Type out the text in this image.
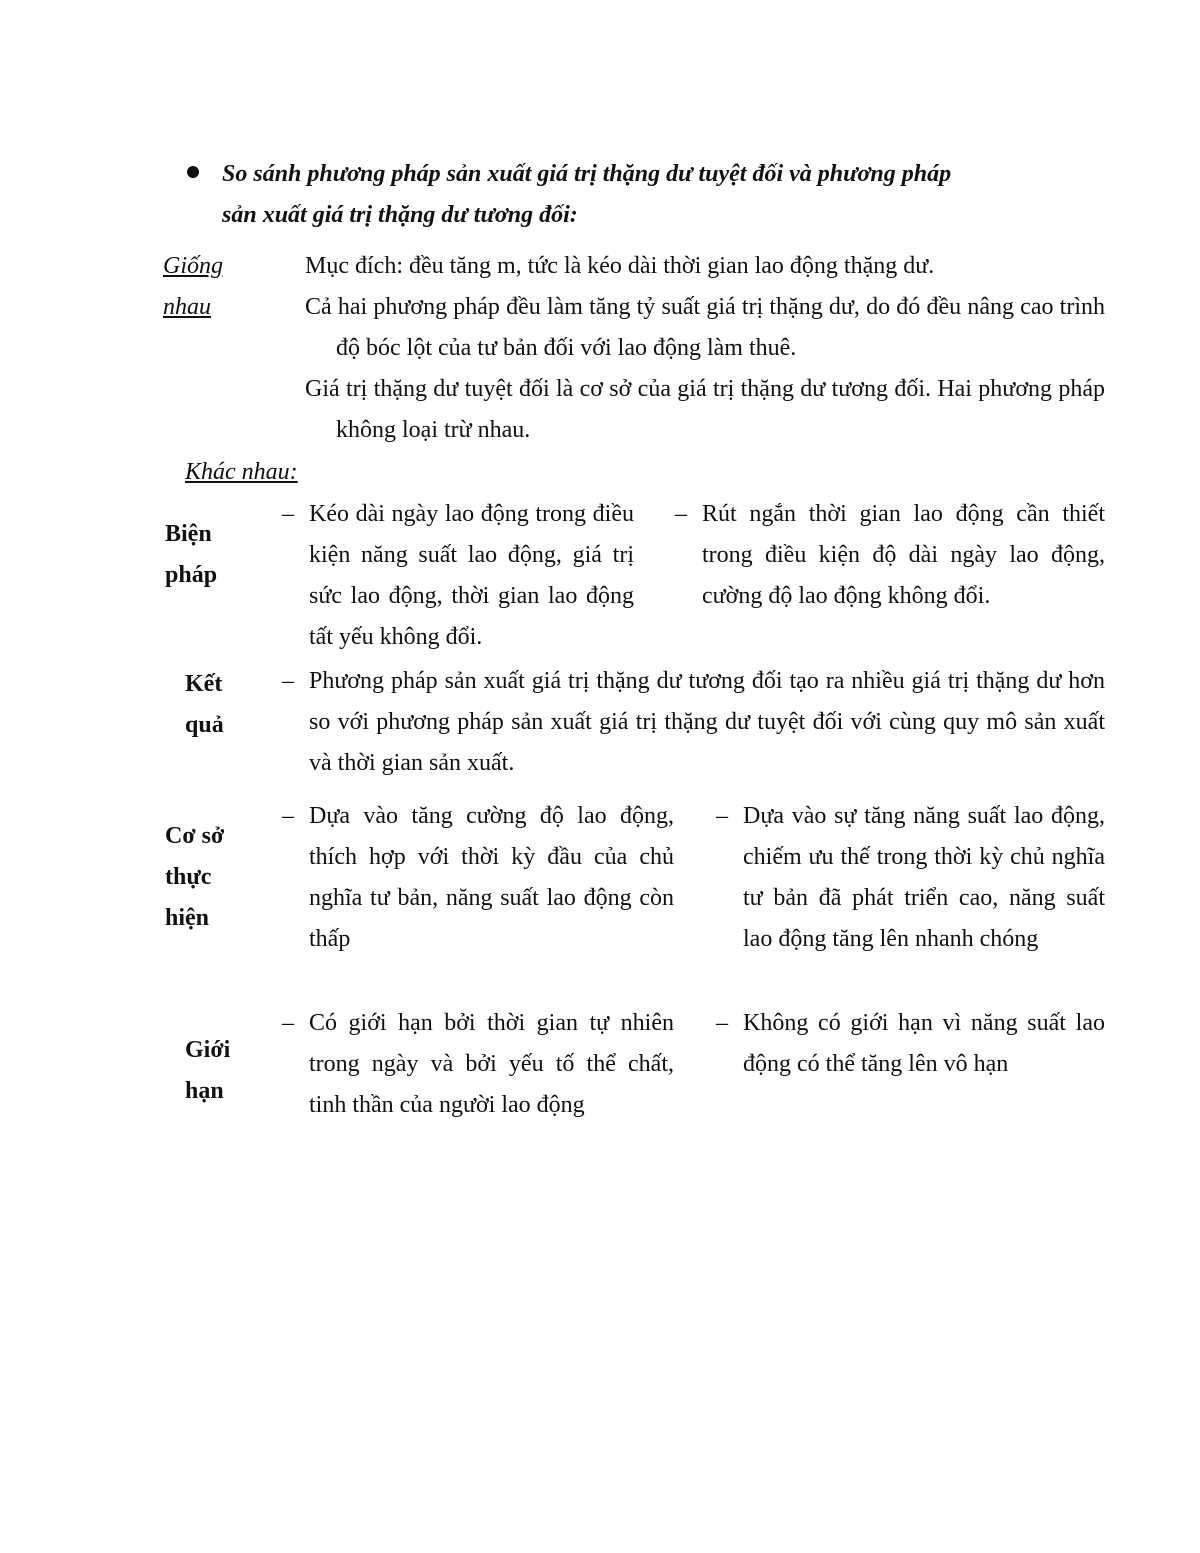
So sánh phương pháp sản xuất giá trị thặng dư tuyệt đối và phương pháp
sản xuất giá trị thặng dư tương đối:
Giống
nhau

Mục đích: đều tăng m, tức là kéo dài thời gian lao động thặng dư.

Cả hai phương pháp đều làm tăng tỷ suất giá trị thặng dư, do đó đều nâng cao trình độ bóc lột của tư bản đối với lao động làm thuê.

Giá trị thặng dư tuyệt đối là cơ sở của giá trị thặng dư tương đối. Hai phương pháp không loại trừ nhau.

Khác nhau:
Biện
pháp
– Kéo dài ngày lao động trong điều kiện năng suất lao động, giá trị sức lao động, thời gian lao động tất yếu không đổi.
– Rút ngắn thời gian lao động cần thiết trong điều kiện độ dài ngày lao động, cường độ lao động không đổi.
Kết
quả
– Phương pháp sản xuất giá trị thặng dư tương đối tạo ra nhiều giá trị thặng dư hơn so với phương pháp sản xuất giá trị thặng dư tuyệt đối với cùng quy mô sản xuất và thời gian sản xuất.
Cơ sở
thực
hiện
– Dựa vào tăng cường độ lao động, thích hợp với thời kỳ đầu của chủ nghĩa tư bản, năng suất lao động còn thấp
– Dựa vào sự tăng năng suất lao động, chiếm ưu thế trong thời kỳ chủ nghĩa tư bản đã phát triển cao, năng suất lao động tăng lên nhanh chóng
Giới
hạn
– Có giới hạn bởi thời gian tự nhiên trong ngày và bởi yếu tố thể chất, tinh thần của người lao động
– Không có giới hạn vì năng suất lao động có thể tăng lên vô hạn
